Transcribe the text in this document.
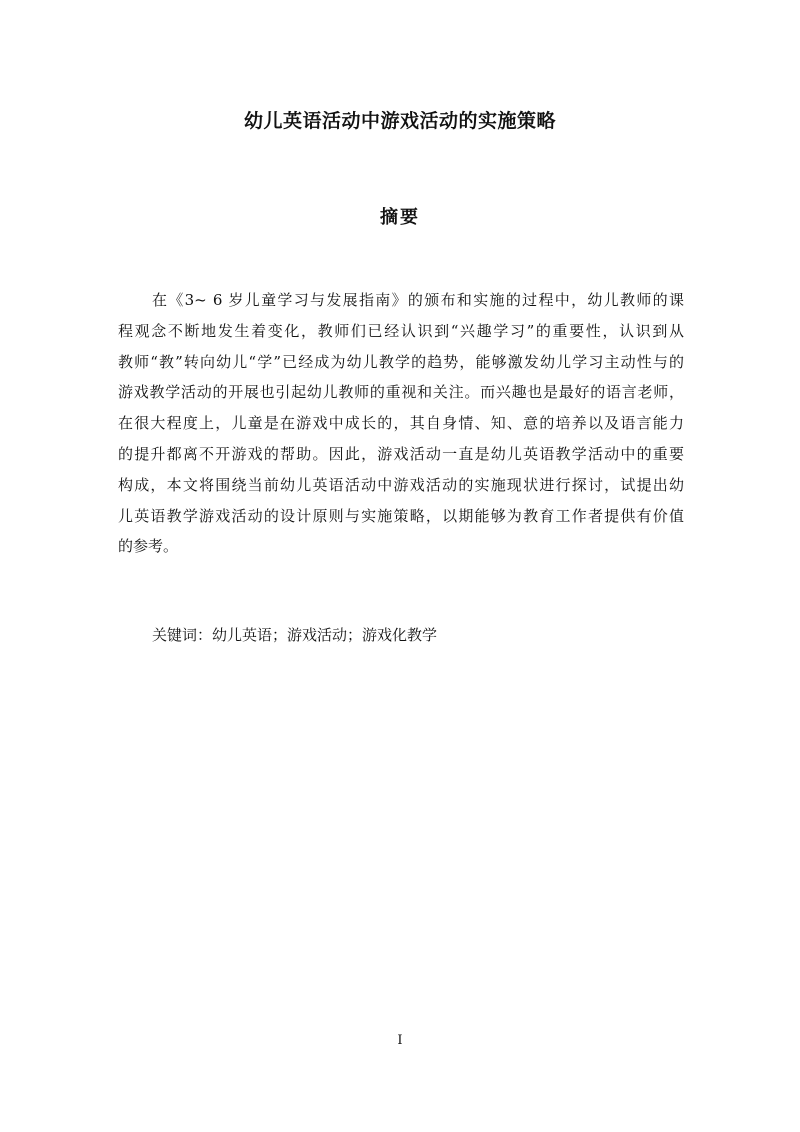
幼儿英语活动中游戏活动的实施策略
摘要

在《3~ 6 岁儿童学习与发展指南》的颁布和实施的过程中，幼儿教师的课
程观念不断地发生着变化，教师们已经认识到“兴趣学习”的重要性，认识到从
教师“教”转向幼儿“学”已经成为幼儿教学的趋势，能够激发幼儿学习主动性与的
游戏教学活动的开展也引起幼儿教师的重视和关注。而兴趣也是最好的语言老师，
在很大程度上，儿童是在游戏中成长的，其自身情、知、意的培养以及语言能力
的提升都离不开游戏的帮助。因此，游戏活动一直是幼儿英语教学活动中的重要
构成，本文将围绕当前幼儿英语活动中游戏活动的实施现状进行探讨，试提出幼
儿英语教学游戏活动的设计原则与实施策略，以期能够为教育工作者提供有价值
的参考。

关键词：幼儿英语；游戏活动；游戏化教学

I
